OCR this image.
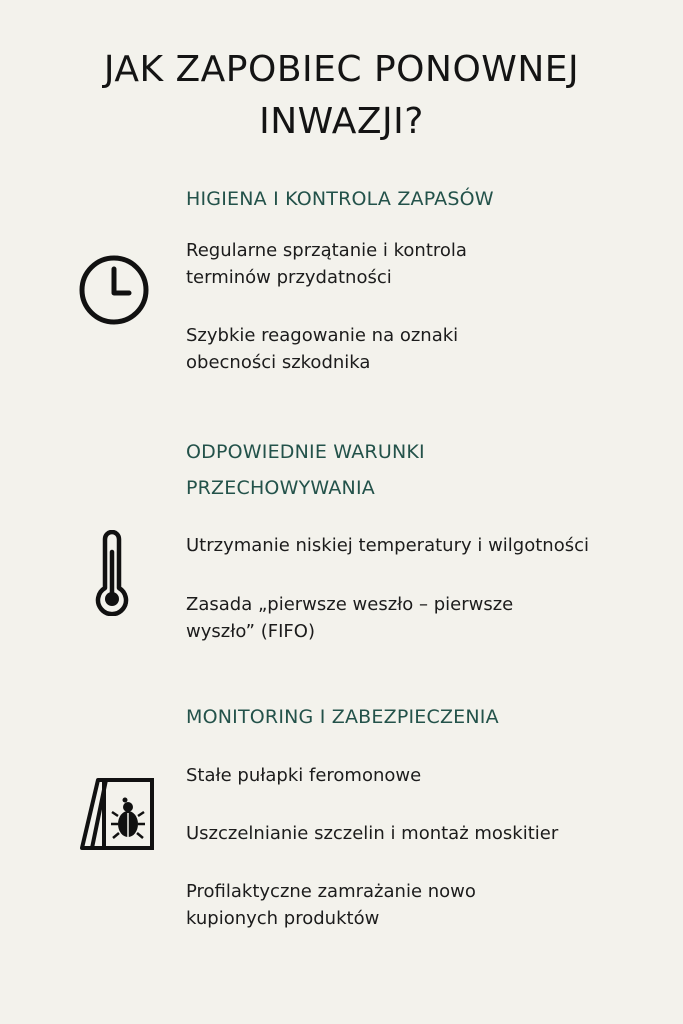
JAK ZAPOBIEC PONOWNEJ
INWAZJI?
HIGIENA I KONTROLA ZAPASÓW
Regularne sprzątanie i kontrola
terminów przydatności
Szybkie reagowanie na oznaki
obecności szkodnika
ODPOWIEDNIE WARUNKI
PRZECHOWYWANIA
Utrzymanie niskiej temperatury i wilgotności
Zasada „pierwsze weszło – pierwsze
wyszło” (FIFO)
MONITORING I ZABEZPIECZENIA
Stałe pułapki feromonowe
Uszczelnianie szczelin i montaż moskitier
Profilaktyczne zamrażanie nowo
kupionych produktów
